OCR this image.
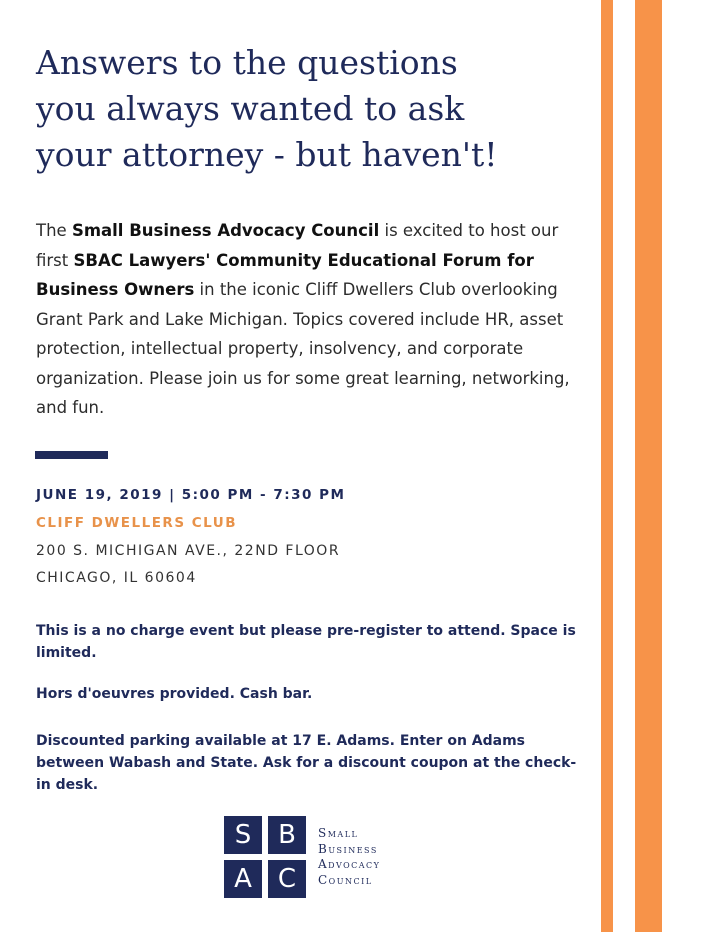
Answers to the questions
you always wanted to ask
your attorney - but haven't!

The Small Business Advocacy Council is excited to host our first SBAC Lawyers' Community Educational Forum for Business Owners in the iconic Cliff Dwellers Club overlooking Grant Park and Lake Michigan. Topics covered include HR, asset protection, intellectual property, insolvency, and corporate organization. Please join us for some great learning, networking, and fun.

JUNE 19, 2019 | 5:00 PM - 7:30 PM

CLIFF DWELLERS CLUB

200 S. MICHIGAN AVE., 22ND FLOOR

CHICAGO, IL 60604

This is a no charge event but please pre-register to attend. Space is limited.

Hors d'oeuvres provided. Cash bar.

Discounted parking available at 17 E. Adams. Enter on Adams between Wabash and State. Ask for a discount coupon at the check-in desk.

S	B
A	C
Small
Business
Advocacy
Council
